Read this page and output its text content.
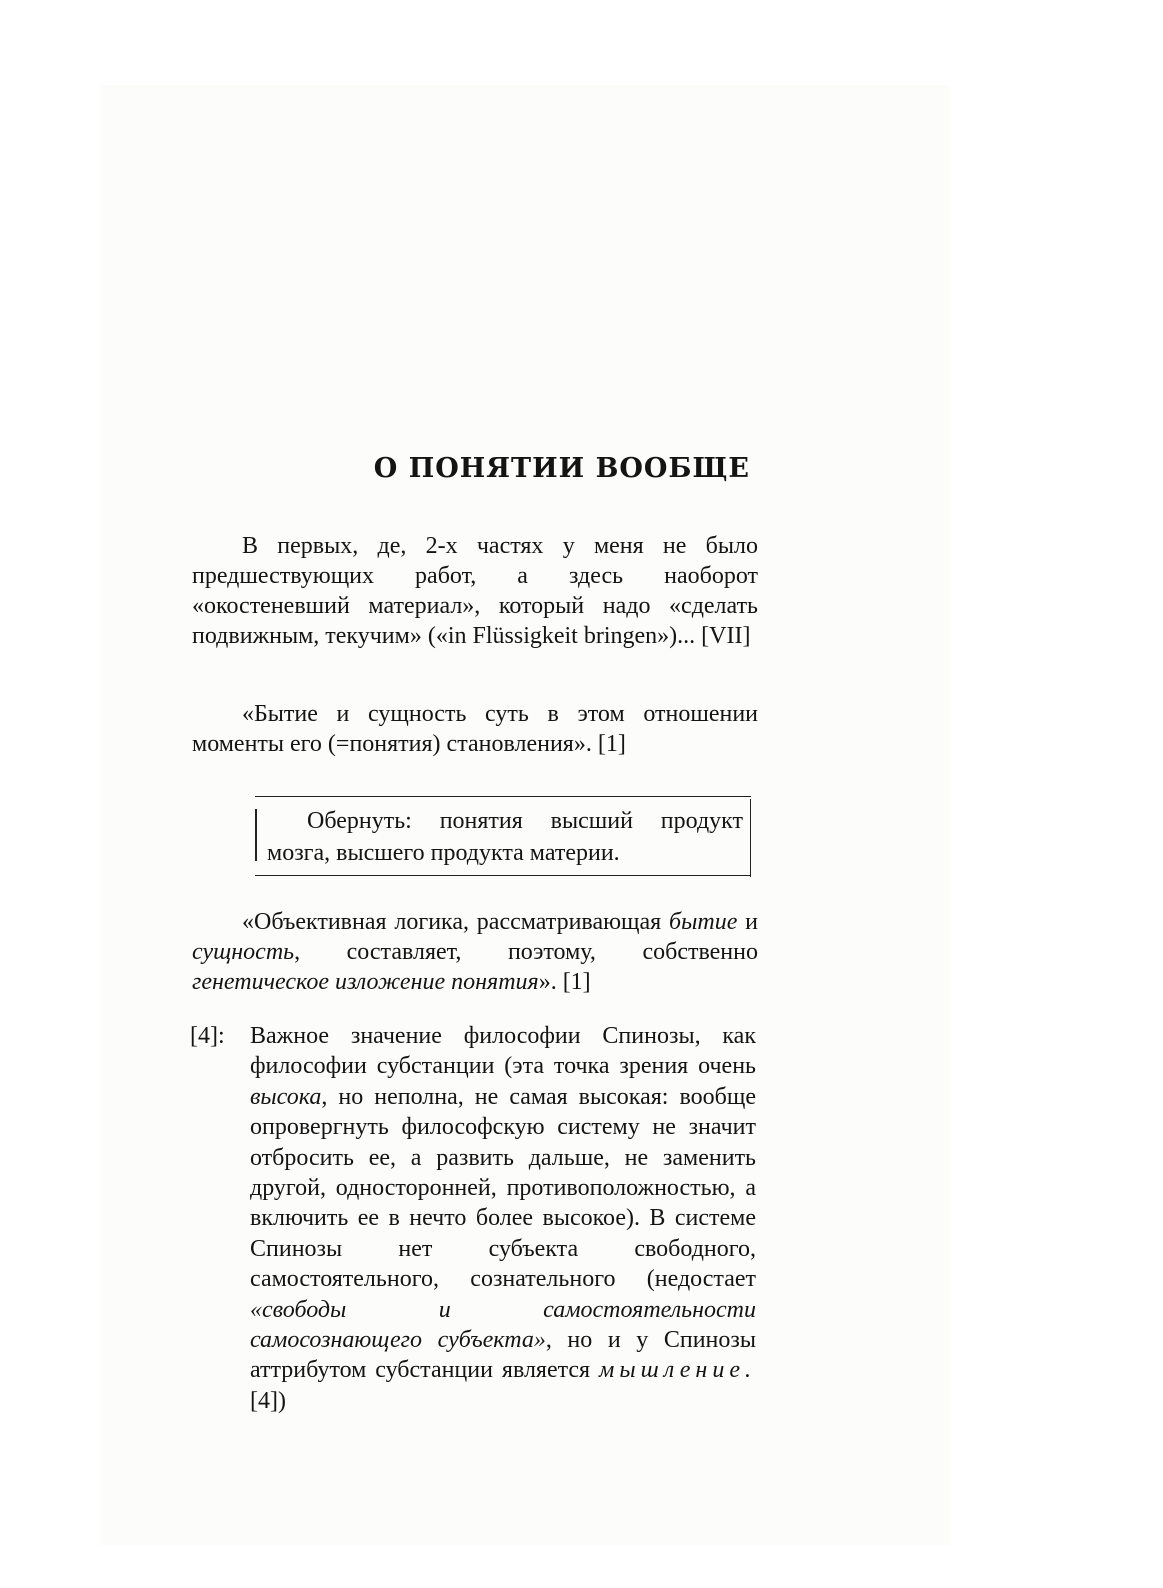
О ПОНЯТИИ ВООБЩЕ

В первых, де, 2-х частях у меня не было предшествующих работ, а здесь наоборот «окостеневший материал», который надо «сделать подвижным, текучим» («in Flüssigkeit bringen»)... [VII]

«Бытие и сущность суть в этом отношении моменты его (=понятия) становления». [1]

Обернуть: понятия высший продукт мозга, высшего продукта материи.

«Объективная логика, рассматривающая бытие и сущность, составляет, поэтому, собственно генетическое изложение понятия». [1]

[4]: Важное значение философии Спинозы, как философии субстанции (эта точка зрения очень высока, но неполна, не самая высокая: вообще опровергнуть философскую систему не значит отбросить ее, а развить дальше, не заменить другой, односторонней, противоположностью, а включить ее в нечто более высокое). В системе Спинозы нет субъекта свободного, самостоятельного, сознательного (недостает «свободы и самостоятельности самосознающего субъекта», но и у Спинозы аттрибутом субстанции является мышление. [4])
